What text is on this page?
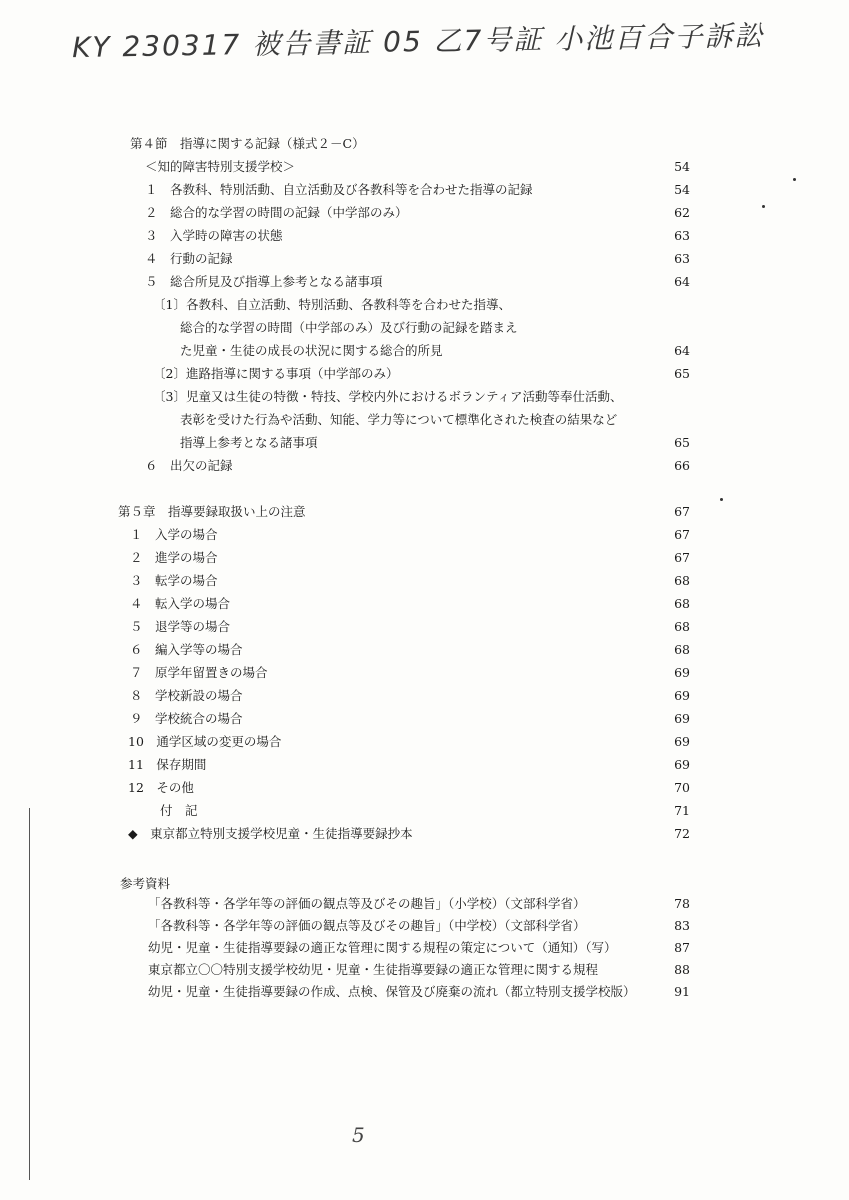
KY 230317 被告書証 05 乙7号証 小池百合子訴訟
第４節　指導に関する記録（様式２－C）
＜知的障害特別支援学校＞	54
１　各教科、特別活動、自立活動及び各教科等を合わせた指導の記録	54
２　総合的な学習の時間の記録（中学部のみ）	62
３　入学時の障害の状態	63
４　行動の記録	63
５　総合所見及び指導上参考となる諸事項	64
〔1〕各教科、自立活動、特別活動、各教科等を合わせた指導、
総合的な学習の時間（中学部のみ）及び行動の記録を踏まえ
た児童・生徒の成長の状況に関する総合的所見	64
〔2〕進路指導に関する事項（中学部のみ）	65
〔3〕児童又は生徒の特徴・特技、学校内外におけるボランティア活動等奉仕活動、
表彰を受けた行為や活動、知能、学力等について標準化された検査の結果など
指導上参考となる諸事項	65
６　出欠の記録	66
第５章　指導要録取扱い上の注意	67
１　入学の場合	67
２　進学の場合	67
３　転学の場合	68
４　転入学の場合	68
５　退学等の場合	68
６　編入学等の場合	68
７　原学年留置きの場合	69
８　学校新設の場合	69
９　学校統合の場合	69
10　通学区域の変更の場合	69
11　保存期間	69
12　その他	70
付　記	71
◆　東京都立特別支援学校児童・生徒指導要録抄本	72
参考資料
「各教科等・各学年等の評価の観点等及びその趣旨」（小学校）（文部科学省）	78
「各教科等・各学年等の評価の観点等及びその趣旨」（中学校）（文部科学省）	83
幼児・児童・生徒指導要録の適正な管理に関する規程の策定について（通知）（写）	87
東京都立〇〇特別支援学校幼児・児童・生徒指導要録の適正な管理に関する規程	88
幼児・児童・生徒指導要録の作成、点検、保管及び廃棄の流れ（都立特別支援学校版）	91
5
